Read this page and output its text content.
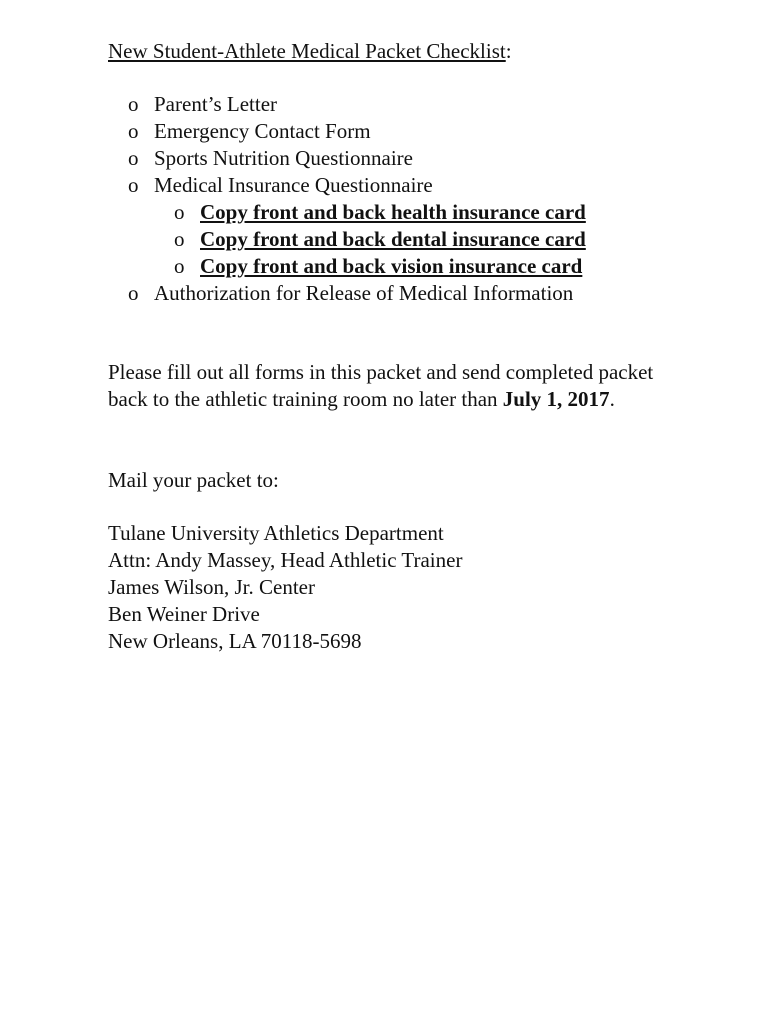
New Student-Athlete Medical Packet Checklist:
o Parent’s Letter
o Emergency Contact Form
o Sports Nutrition Questionnaire
o Medical Insurance Questionnaire
o Copy front and back health insurance card
o Copy front and back dental insurance card
o Copy front and back vision insurance card
o Authorization for Release of Medical Information

Please fill out all forms in this packet and send completed packet back to the athletic training room no later than July 1, 2017.

Mail your packet to:

Tulane University Athletics Department
Attn: Andy Massey, Head Athletic Trainer
James Wilson, Jr. Center
Ben Weiner Drive
New Orleans, LA 70118-5698
